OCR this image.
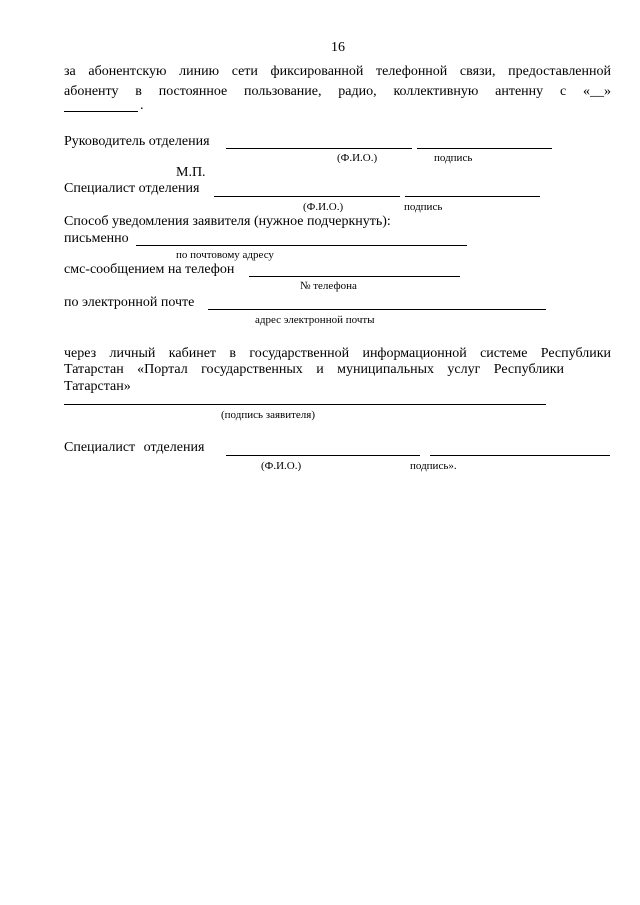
16
за абонентскую линию сети фиксированной телефонной связи, предоставленной
абоненту в постоянное пользование, радио, коллективную антенну с «__»
.
Руководитель отделения
(Ф.И.О.)	подпись
М.П.
Специалист отделения
(Ф.И.О.)	подпись
Способ уведомления заявителя (нужное подчеркнуть):
письменно
по почтовому адресу
смс-сообщением на телефон
№ телефона
по электронной почте
адрес электронной почты
через личный кабинет в государственной информационной системе Республики
Татарстан «Портал государственных и муниципальных услуг Республики
Татарстан»
(подпись заявителя)
Специалист отделения
(Ф.И.О.)	подпись».
